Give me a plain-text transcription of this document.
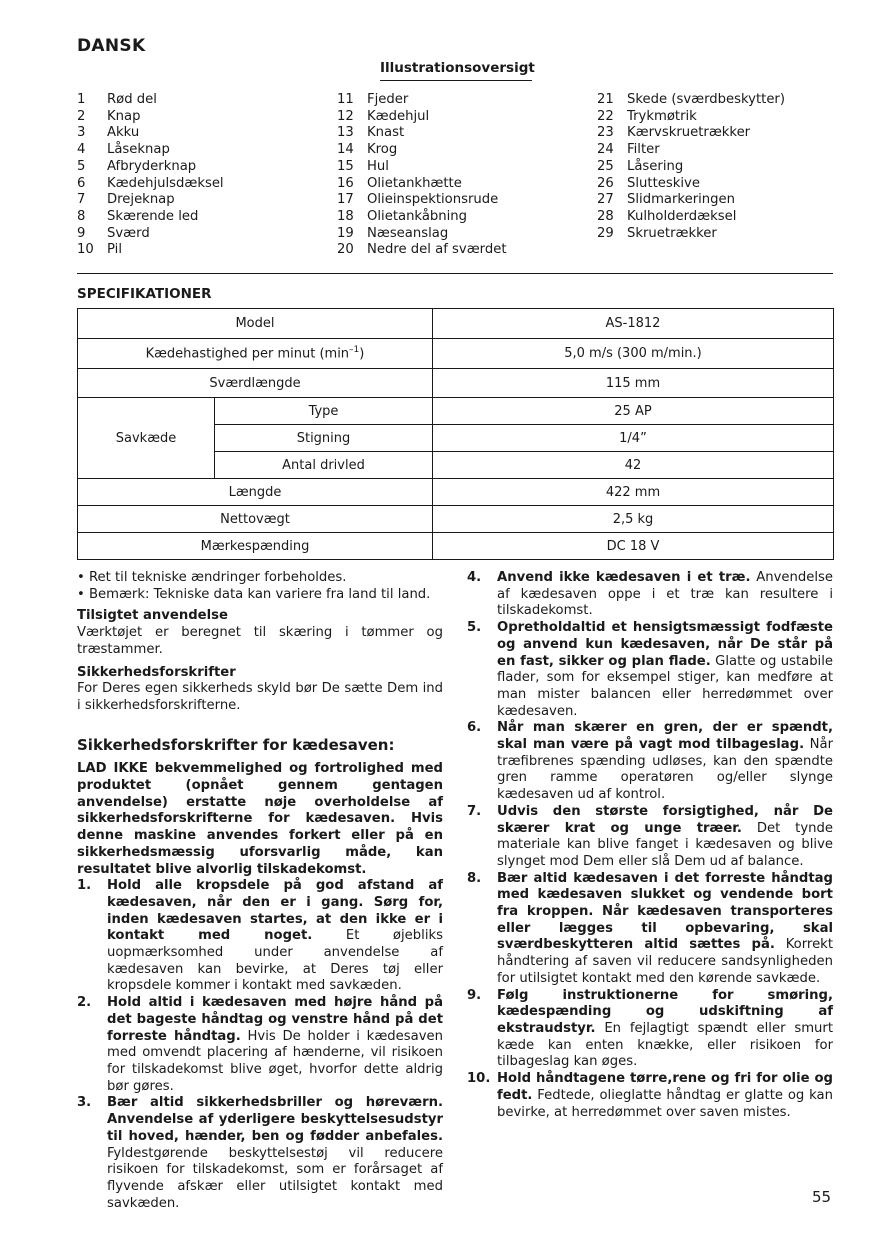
DANSK
Illustrationsoversigt
1	Rød del
2	Knap
3	Akku
4	Låseknap
5	Afbryderknap
6	Kædehjulsdæksel
7	Drejeknap
8	Skærende led
9	Sværd
10	Pil
11	Fjeder
12	Kædehjul
13	Knast
14	Krog
15	Hul
16	Olietankhætte
17	Olieinspektionsrude
18	Olietankåbning
19	Næseanslag
20	Nedre del af sværdet
21	Skede (sværdbeskytter)
22	Trykmøtrik
23	Kærvskruetrækker
24	Filter
25	Låsering
26	Slutteskive
27	Slidmarkeringen
28	Kulholderdæksel
29	Skruetrækker
SPECIFIKATIONER
Model		AS-1812
Kædehastighed per minut $(\min^{-1})$		5,0 m/s (300 m/min.)
Sværdlængde		115 mm
Savkæde	Type	25 AP
	Stigning	1/4”
	Antal drivled	42
Længde		422 mm
Nettovægt		2,5 kg
Mærkespænding		DC 18 V

• Ret til tekniske ændringer forbeholdes.

• Bemærk: Tekniske data kan variere fra land til land.

Tilsigtet anvendelse

Værktøjet er beregnet til skæring i tømmer og træstammer.

Sikkerhedsforskrifter

For Deres egen sikkerheds skyld bør De sætte Dem ind i sikkerhedsforskrifterne.

Sikkerhedsforskrifter for kædesaven:

LAD IKKE bekvemmelighed og fortrolighed med produktet (opnået gennem gentagen anvendelse) erstatte nøje overholdelse af sikkerhedsforskrifterne for kædesaven. Hvis denne maskine anvendes forkert eller på en sikkerhedsmæssig uforsvarlig måde, kan resultatet blive alvorlig tilskadekomst.

1.	Hold alle kropsdele på god afstand af kædesaven, når den er i gang. Sørg for, inden kædesaven startes, at den ikke er i kontakt med noget. Et øjebliks uopmærksomhed under anvendelse af kædesaven kan bevirke, at Deres tøj eller kropsdele kommer i kontakt med savkæden.
2.	Hold altid i kædesaven med højre hånd på det bageste håndtag og venstre hånd på det forreste håndtag. Hvis De holder i kædesaven med omvendt placering af hænderne, vil risikoen for tilskadekomst blive øget, hvorfor dette aldrig bør gøres.
3.	Bær altid sikkerhedsbriller og høreværn. Anvendelse af yderligere beskyttelsesudstyr til hoved, hænder, ben og fødder anbefales. Fyldestgørende beskyttelsestøj vil reducere risikoen for tilskadekomst, som er forårsaget af flyvende afskær eller utilsigtet kontakt med savkæden.
4.	Anvend ikke kædesaven i et træ. Anvendelse af kædesaven oppe i et træ kan resultere i tilskadekomst.
5.	Opretholdaltid et hensigtsmæssigt fodfæste og anvend kun kædesaven, når De står på en fast, sikker og plan flade. Glatte og ustabile flader, som for eksempel stiger, kan medføre at man mister balancen eller herredømmet over kædesaven.
6.	Når man skærer en gren, der er spændt, skal man være på vagt mod tilbageslag. Når træfibrenes spænding udløses, kan den spændte gren ramme operatøren og/eller slynge kædesaven ud af kontrol.
7.	Udvis den største forsigtighed, når De skærer krat og unge træer. Det tynde materiale kan blive fanget i kædesaven og blive slynget mod Dem eller slå Dem ud af balance.
8.	Bær altid kædesaven i det forreste håndtag med kædesaven slukket og vendende bort fra kroppen. Når kædesaven transporteres eller lægges til opbevaring, skal sværdbeskytteren altid sættes på. Korrekt håndtering af saven vil reducere sandsynligheden for utilsigtet kontakt med den kørende savkæde.
9.	Følg instruktionerne for smøring, kædespænding og udskiftning af ekstraudstyr. En fejlagtigt spændt eller smurt kæde kan enten knække, eller risikoen for tilbageslag kan øges.
10. Hold håndtagene tørre,rene og fri for olie og fedt. Fedtede, olieglatte håndtag er glatte og kan bevirke, at herredømmet over saven mistes.
55
